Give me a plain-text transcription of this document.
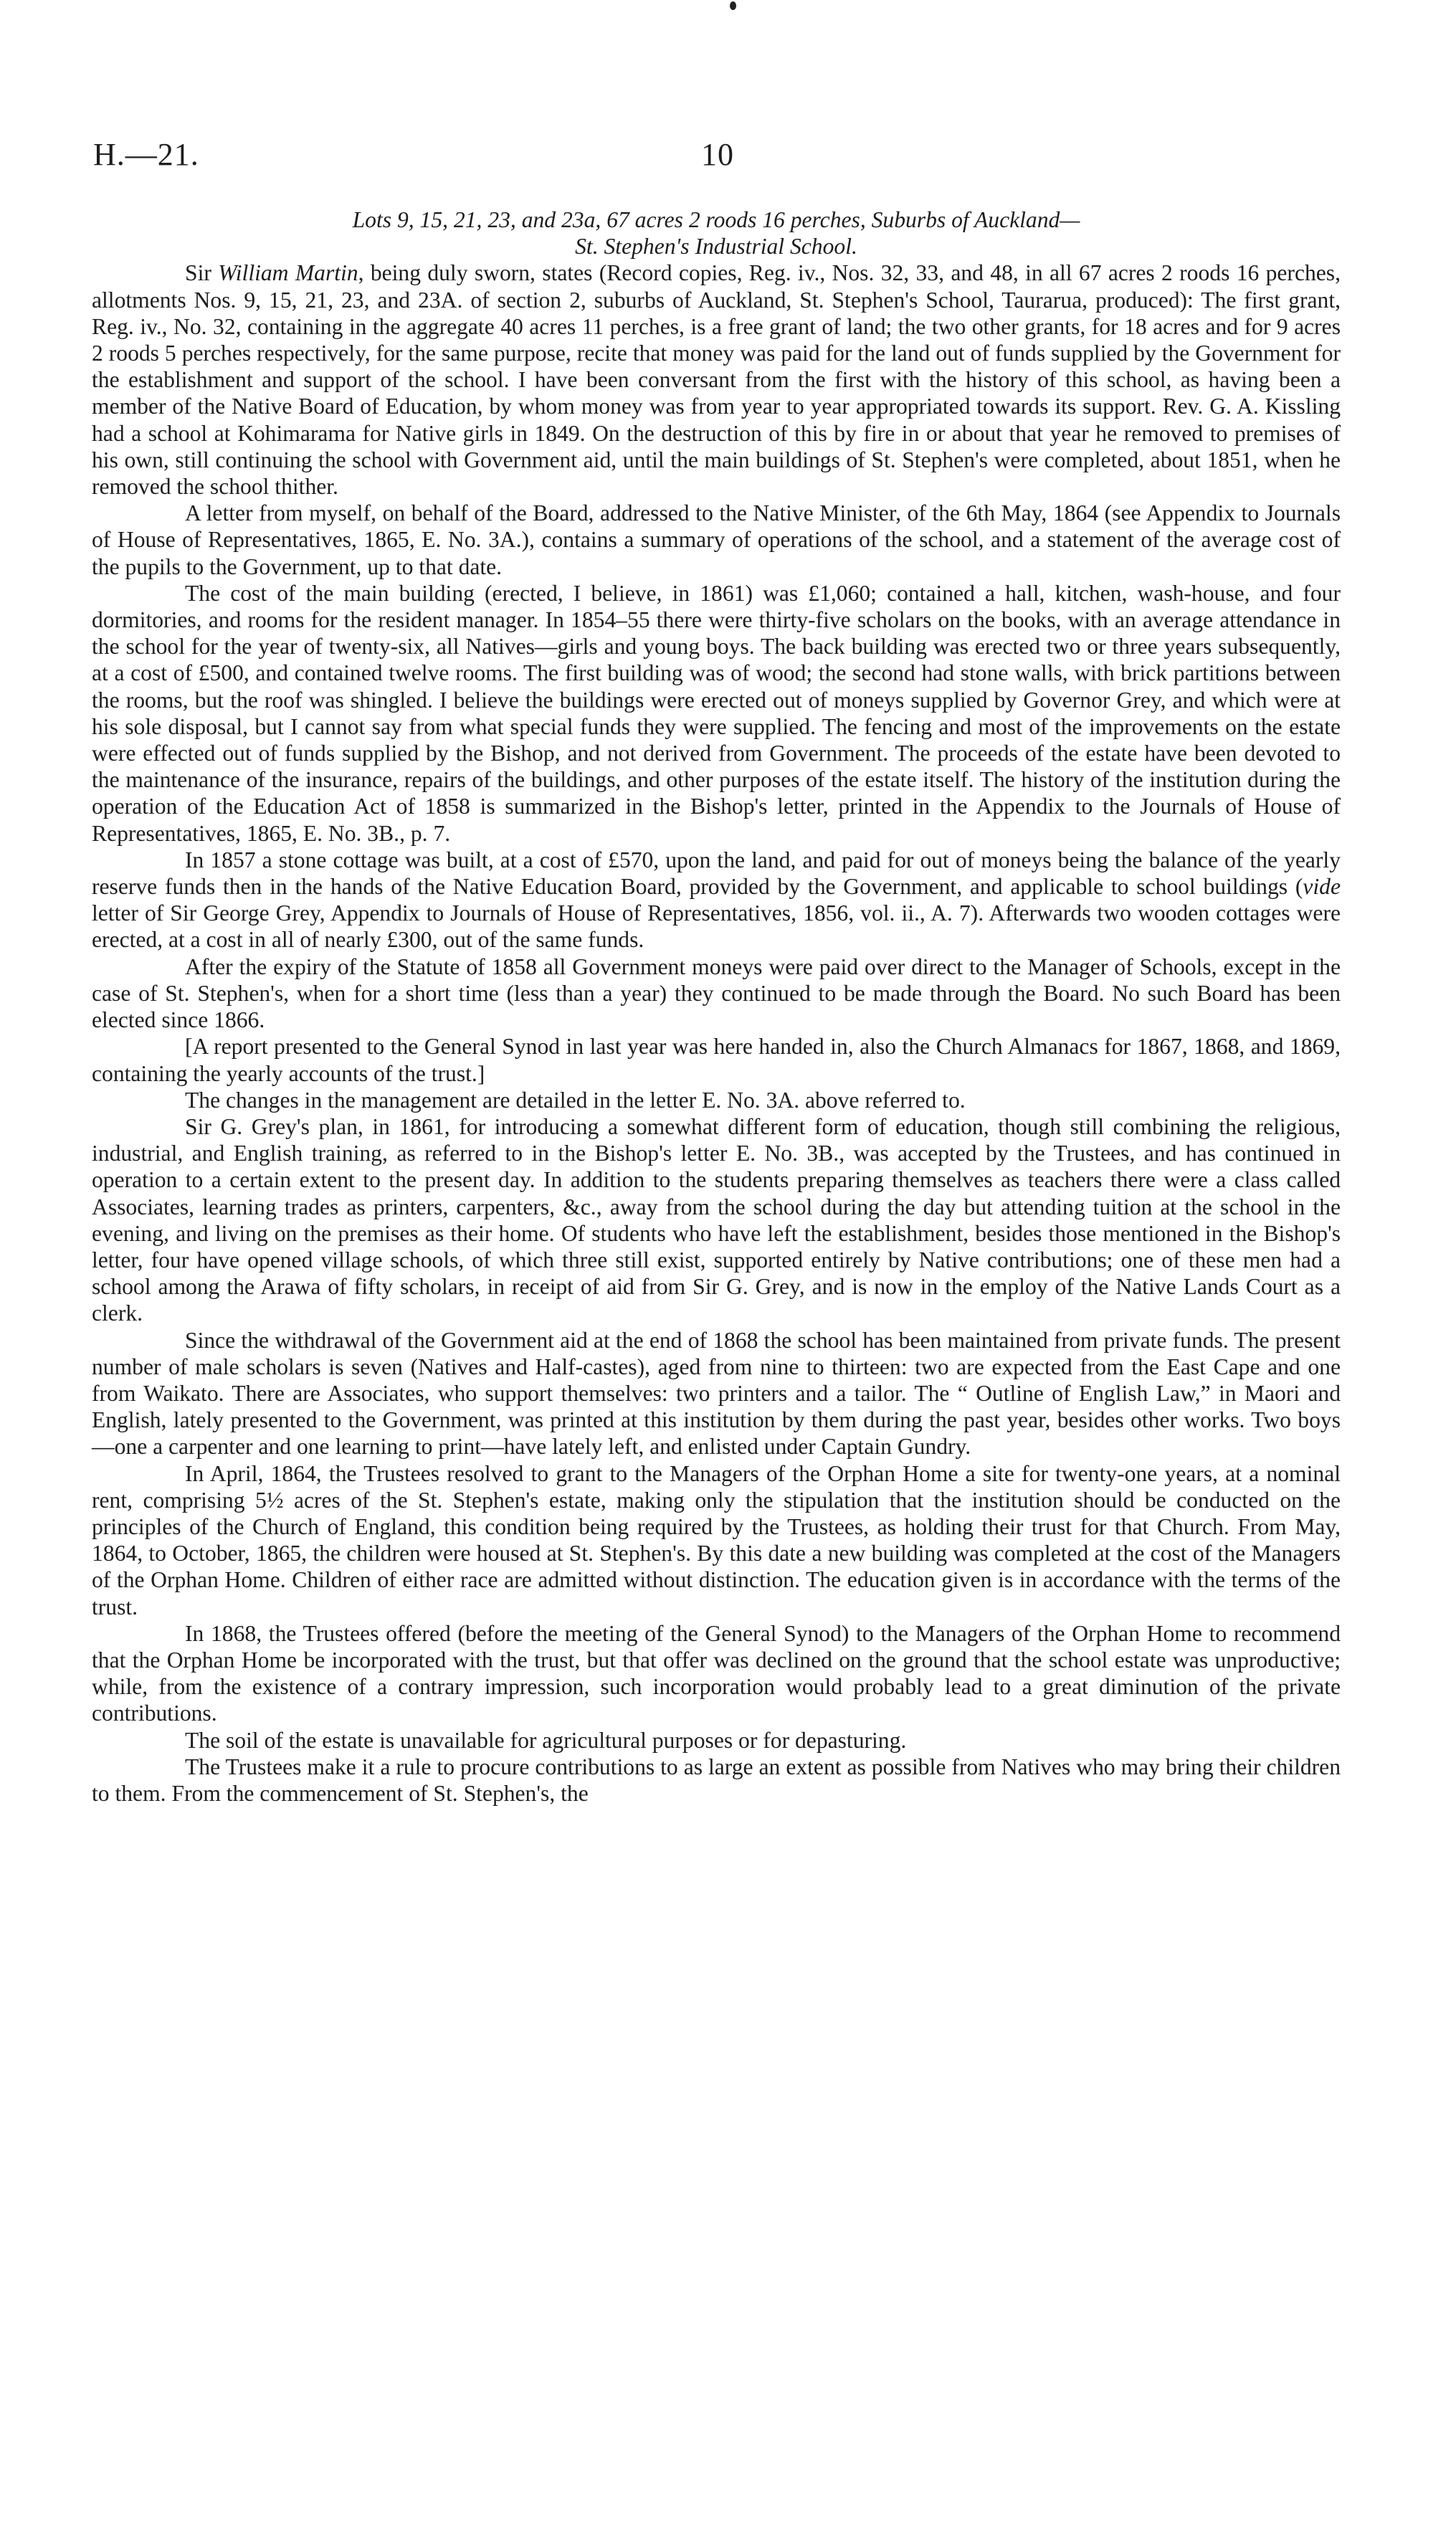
H.—21.	10

Lots 9, 15, 21, 23, and 23a, 67 acres 2 roods 16 perches, Suburbs of Auckland—

St. Stephen's Industrial School.

Sir William Martin, being duly sworn, states (Record copies, Reg. iv., Nos. 32, 33, and 48, in all 67 acres 2 roods 16 perches, allotments Nos. 9, 15, 21, 23, and 23A. of section 2, suburbs of Auckland, St. Stephen's School, Taurarua, produced): The first grant, Reg. iv., No. 32, containing in the aggregate 40 acres 11 perches, is a free grant of land; the two other grants, for 18 acres and for 9 acres 2 roods 5 perches respectively, for the same purpose, recite that money was paid for the land out of funds supplied by the Government for the establishment and support of the school. I have been conversant from the first with the history of this school, as having been a member of the Native Board of Education, by whom money was from year to year appropriated towards its support. Rev. G. A. Kissling had a school at Kohimarama for Native girls in 1849. On the destruction of this by fire in or about that year he removed to premises of his own, still continuing the school with Government aid, until the main buildings of St. Stephen's were completed, about 1851, when he removed the school thither.

A letter from myself, on behalf of the Board, addressed to the Native Minister, of the 6th May, 1864 (see Appendix to Journals of House of Representatives, 1865, E. No. 3A.), contains a summary of operations of the school, and a statement of the average cost of the pupils to the Government, up to that date.

The cost of the main building (erected, I believe, in 1861) was £1,060; contained a hall, kitchen, wash-house, and four dormitories, and rooms for the resident manager. In 1854–55 there were thirty-five scholars on the books, with an average attendance in the school for the year of twenty-six, all Natives—girls and young boys. The back building was erected two or three years subsequently, at a cost of £500, and contained twelve rooms. The first building was of wood; the second had stone walls, with brick partitions between the rooms, but the roof was shingled. I believe the buildings were erected out of moneys supplied by Governor Grey, and which were at his sole disposal, but I cannot say from what special funds they were supplied. The fencing and most of the improvements on the estate were effected out of funds supplied by the Bishop, and not derived from Government. The proceeds of the estate have been devoted to the maintenance of the insurance, repairs of the buildings, and other purposes of the estate itself. The history of the institution during the operation of the Education Act of 1858 is summarized in the Bishop's letter, printed in the Appendix to the Journals of House of Representatives, 1865, E. No. 3B., p. 7.

In 1857 a stone cottage was built, at a cost of £570, upon the land, and paid for out of moneys being the balance of the yearly reserve funds then in the hands of the Native Education Board, provided by the Government, and applicable to school buildings (vide letter of Sir George Grey, Appendix to Journals of House of Representatives, 1856, vol. ii., A. 7). Afterwards two wooden cottages were erected, at a cost in all of nearly £300, out of the same funds.

After the expiry of the Statute of 1858 all Government moneys were paid over direct to the Manager of Schools, except in the case of St. Stephen's, when for a short time (less than a year) they continued to be made through the Board. No such Board has been elected since 1866.

[A report presented to the General Synod in last year was here handed in, also the Church Almanacs for 1867, 1868, and 1869, containing the yearly accounts of the trust.]

The changes in the management are detailed in the letter E. No. 3A. above referred to.

Sir G. Grey's plan, in 1861, for introducing a somewhat different form of education, though still combining the religious, industrial, and English training, as referred to in the Bishop's letter E. No. 3B., was accepted by the Trustees, and has continued in operation to a certain extent to the present day. In addition to the students preparing themselves as teachers there were a class called Associates, learning trades as printers, carpenters, &c., away from the school during the day but attending tuition at the school in the evening, and living on the premises as their home. Of students who have left the establishment, besides those mentioned in the Bishop's letter, four have opened village schools, of which three still exist, supported entirely by Native contributions; one of these men had a school among the Arawa of fifty scholars, in receipt of aid from Sir G. Grey, and is now in the employ of the Native Lands Court as a clerk.

Since the withdrawal of the Government aid at the end of 1868 the school has been maintained from private funds. The present number of male scholars is seven (Natives and Half-castes), aged from nine to thirteen: two are expected from the East Cape and one from Waikato. There are Associates, who support themselves: two printers and a tailor. The “ Outline of English Law,” in Maori and English, lately presented to the Government, was printed at this institution by them during the past year, besides other works. Two boys—one a carpenter and one learning to print—have lately left, and enlisted under Captain Gundry.

In April, 1864, the Trustees resolved to grant to the Managers of the Orphan Home a site for twenty-one years, at a nominal rent, comprising 5½ acres of the St. Stephen's estate, making only the stipulation that the institution should be conducted on the principles of the Church of England, this condition being required by the Trustees, as holding their trust for that Church. From May, 1864, to October, 1865, the children were housed at St. Stephen's. By this date a new building was completed at the cost of the Managers of the Orphan Home. Children of either race are admitted without distinction. The education given is in accordance with the terms of the trust.

In 1868, the Trustees offered (before the meeting of the General Synod) to the Managers of the Orphan Home to recommend that the Orphan Home be incorporated with the trust, but that offer was declined on the ground that the school estate was unproductive; while, from the existence of a contrary impression, such incorporation would probably lead to a great diminution of the private contributions.

The soil of the estate is unavailable for agricultural purposes or for depasturing.

The Trustees make it a rule to procure contributions to as large an extent as possible from Natives who may bring their children to them. From the commencement of St. Stephen's, the
